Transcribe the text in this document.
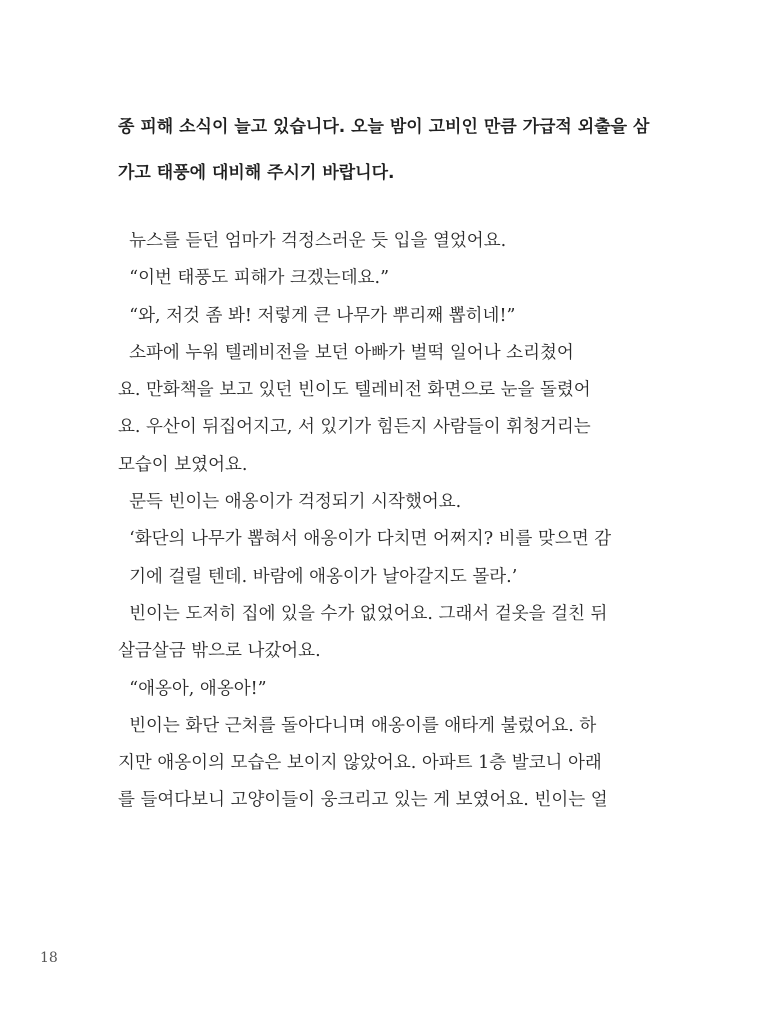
종 피해 소식이 늘고 있습니다. 오늘 밤이 고비인 만큼 가급적 외출을 삼
가고 태풍에 대비해 주시기 바랍니다.
뉴스를 듣던 엄마가 걱정스러운 듯 입을 열었어요.
“이번 태풍도 피해가 크겠는데요.”
“와, 저것 좀 봐! 저렇게 큰 나무가 뿌리째 뽑히네!”
소파에 누워 텔레비전을 보던 아빠가 벌떡 일어나 소리쳤어
요. 만화책을 보고 있던 빈이도 텔레비전 화면으로 눈을 돌렸어
요. 우산이 뒤집어지고, 서 있기가 힘든지 사람들이 휘청거리는
모습이 보였어요.
문득 빈이는 애옹이가 걱정되기 시작했어요.
‘화단의 나무가 뽑혀서 애옹이가 다치면 어쩌지? 비를 맞으면 감
기에 걸릴 텐데. 바람에 애옹이가 날아갈지도 몰라.’
빈이는 도저히 집에 있을 수가 없었어요. 그래서 겉옷을 걸친 뒤
살금살금 밖으로 나갔어요.
“애옹아, 애옹아!”
빈이는 화단 근처를 돌아다니며 애옹이를 애타게 불렀어요. 하
지만 애옹이의 모습은 보이지 않았어요. 아파트 1층 발코니 아래
를 들여다보니 고양이들이 웅크리고 있는 게 보였어요. 빈이는 얼
18
